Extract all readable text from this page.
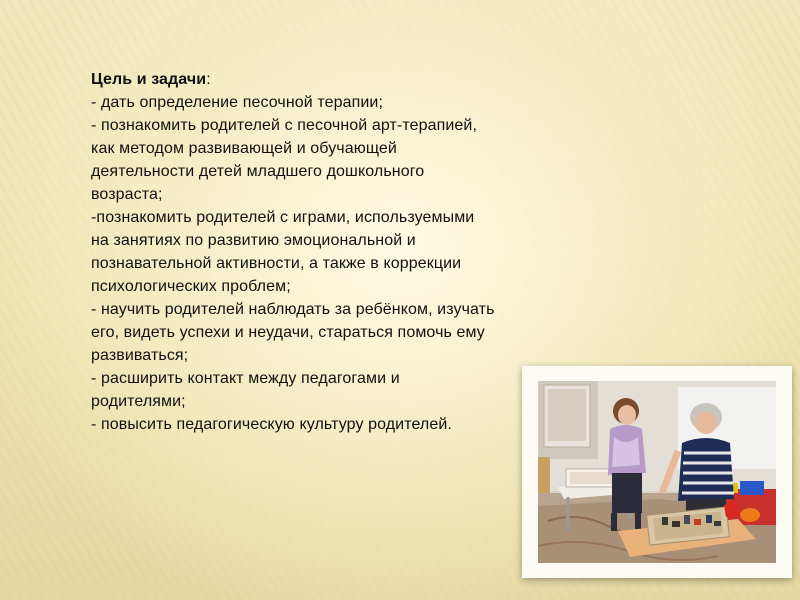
Цель и задачи:
- дать определение песочной терапии;
- познакомить родителей с песочной арт-терапией,
как методом развивающей и обучающей
деятельности детей младшего дошкольного
возраста;
-познакомить родителей с играми, используемыми
на занятиях по развитию эмоциональной и
познавательной активности, а также в коррекции
психологических проблем;
- научить родителей наблюдать за ребёнком, изучать
его, видеть успехи и неудачи, стараться помочь ему
развиваться;
- расширить контакт между педагогами и
родителями;
- повысить педагогическую культуру родителей.
